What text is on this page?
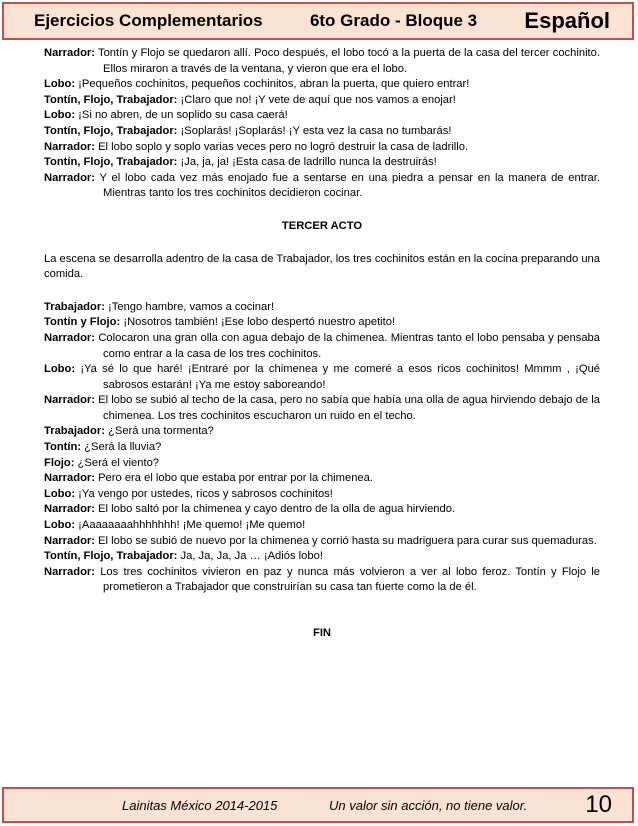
Ejercicios Complementarios	6to Grado - Bloque 3 Español
Narrador: Tontín y Flojo se quedaron allí. Poco después, el lobo tocó a la puerta de la casa del tercer cochinito. Ellos miraron a través de la ventana, y vieron que era el lobo.
Lobo: ¡Pequeños cochinitos, pequeños cochinitos, abran la puerta, que quiero entrar!
Tontín, Flojo, Trabajador: ¡Claro que no! ¡Y vete de aquí que nos vamos a enojar!
Lobo: ¡Si no abren, de un soplido su casa caerá!
Tontín, Flojo, Trabajador: ¡Soplarás! ¡Soplarás! ¡Y esta vez la casa no tumbarás!
Narrador: El lobo soplo y soplo varias veces pero no logró destruir la casa de ladrillo.
Tontín, Flojo, Trabajador: ¡Ja, ja, ja! ¡Esta casa de ladrillo nunca la destruirás!
Narrador: Y el lobo cada vez más enojado fue a sentarse en una piedra a pensar en la manera de entrar. Mientras tanto los tres cochinitos decidieron cocinar.
TERCER ACTO
La escena se desarrolla adentro de la casa de Trabajador, los tres cochinitos están en la cocina preparando una comida.
Trabajador: ¡Tengo hambre, vamos a cocinar!
Tontín y Flojo: ¡Nosotros también! ¡Ese lobo despertó nuestro apetito!
Narrador: Colocaron una gran olla con agua debajo de la chimenea. Mientras tanto el lobo pensaba y pensaba como entrar a la casa de los tres cochinitos.
Lobo: ¡Ya sé lo que haré! ¡Entraré por la chimenea y me comeré a esos ricos cochinitos! Mmmm , ¡Qué sabrosos estarán! ¡Ya me estoy saboreando!
Narrador: El lobo se subió al techo de la casa, pero no sabía que había una olla de agua hirviendo debajo de la chimenea. Los tres cochinitos escucharon un ruido en el techo.
Trabajador: ¿Será una tormenta?
Tontín: ¿Será la lluvia?
Flojo: ¿Será el viento?
Narrador: Pero era el lobo que estaba por entrar por la chimenea.
Lobo: ¡Ya vengo por ustedes, ricos y sabrosos cochinitos!
Narrador: El lobo saltó por la chimenea y cayo dentro de la olla de agua hirviendo.
Lobo: ¡Aaaaaaaahhhhhhh! ¡Me quemo! ¡Me quemo!
Narrador: El lobo se subió de nuevo por la chimenea y corrió hasta su madriguera para curar sus quemaduras.
Tontín, Flojo, Trabajador: Ja, Ja, Ja, Ja … ¡Adiós lobo!
Narrador: Los tres cochinitos vivieron en paz y nunca más volvieron a ver al lobo feroz. Tontín y Flojo le prometieron a Trabajador que construirían su casa tan fuerte como la de él.
FIN
Lainitas México 2014-2015	Un valor sin acción, no tiene valor. 10
